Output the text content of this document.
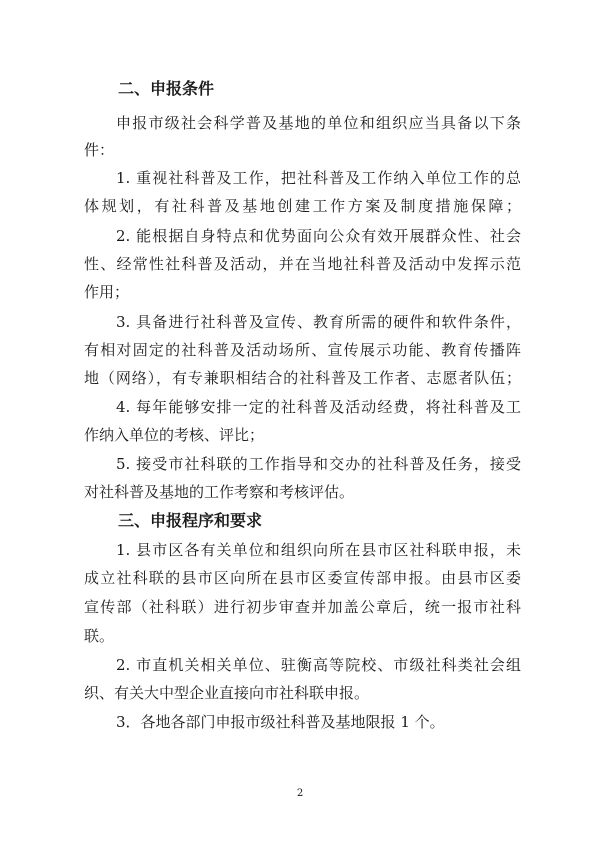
二、申报条件
申报市级社会科学普及基地的单位和组织应当具备以下条
件：
1. 重视社科普及工作，把社科普及工作纳入单位工作的总
体规划，有社科普及基地创建工作方案及制度措施保障；
2. 能根据自身特点和优势面向公众有效开展群众性、社会
性、经常性社科普及活动，并在当地社科普及活动中发挥示范
作用；
3. 具备进行社科普及宣传、教育所需的硬件和软件条件，
有相对固定的社科普及活动场所、宣传展示功能、教育传播阵
地（网络），有专兼职相结合的社科普及工作者、志愿者队伍；
4. 每年能够安排一定的社科普及活动经费，将社科普及工
作纳入单位的考核、评比；
5. 接受市社科联的工作指导和交办的社科普及任务，接受
对社科普及基地的工作考察和考核评估。
三、申报程序和要求
1. 县市区各有关单位和组织向所在县市区社科联申报，未
成立社科联的县市区向所在县市区委宣传部申报。由县市区委
宣传部（社科联）进行初步审查并加盖公章后，统一报市社科
联。
2. 市直机关相关单位、驻衡高等院校、市级社科类社会组
织、有关大中型企业直接向市社科联申报。
3．各地各部门申报市级社科普及基地限报 1 个。
2
